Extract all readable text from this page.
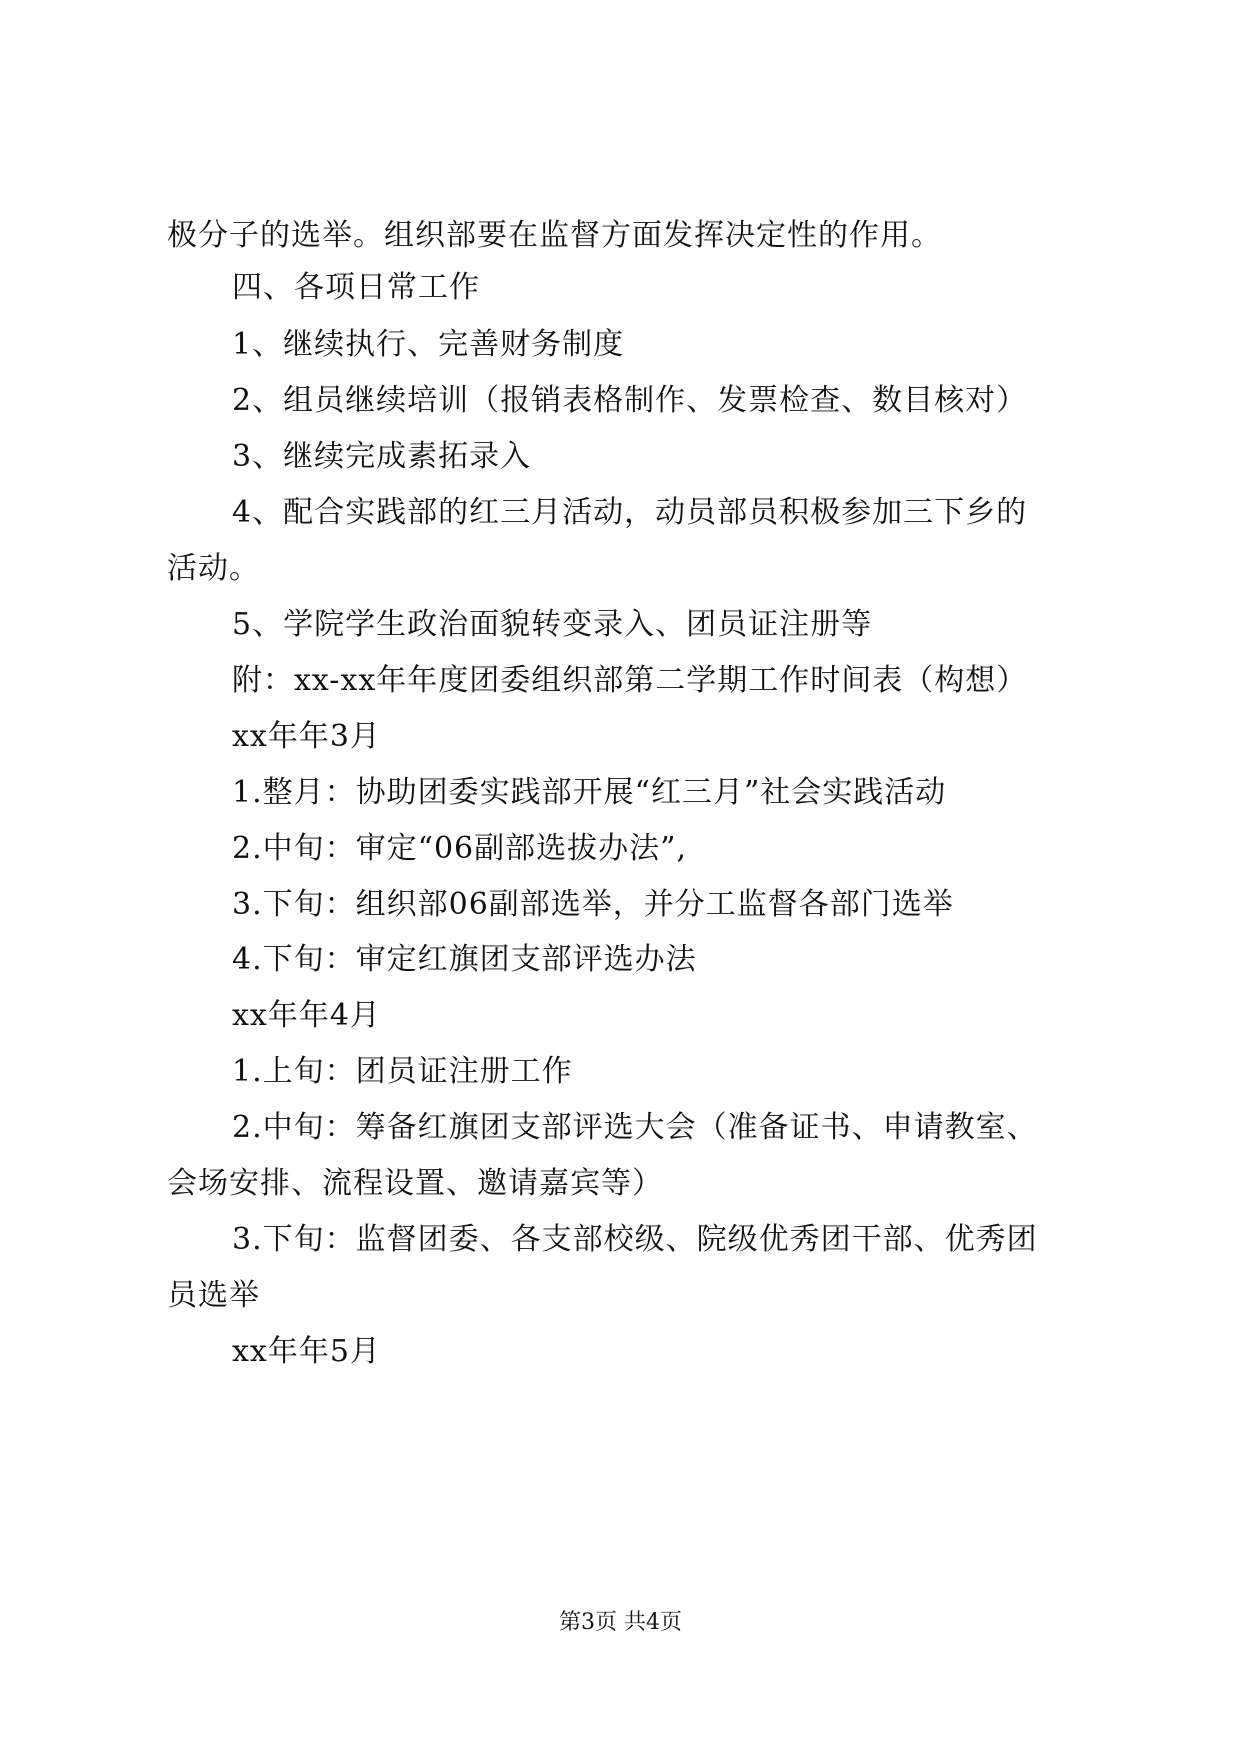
极分子的选举。组织部要在监督方面发挥决定性的作用。
四、各项日常工作
1、继续执行、完善财务制度
2、组员继续培训（报销表格制作、发票检查、数目核对）
3、继续完成素拓录入
4、配合实践部的红三月活动，动员部员积极参加三下乡的
活动。
5、学院学生政治面貌转变录入、团员证注册等
附：xx-xx年年度团委组织部第二学期工作时间表（构想）
xx年年3月
1.整月：协助团委实践部开展“红三月”社会实践活动
2.中旬：审定“06副部选拔办法”,
3.下旬：组织部06副部选举，并分工监督各部门选举
4.下旬：审定红旗团支部评选办法
xx年年4月
1.上旬：团员证注册工作
2.中旬：筹备红旗团支部评选大会（准备证书、申请教室、
会场安排、流程设置、邀请嘉宾等）
3.下旬：监督团委、各支部校级、院级优秀团干部、优秀团
员选举
xx年年5月
第3页 共4页
